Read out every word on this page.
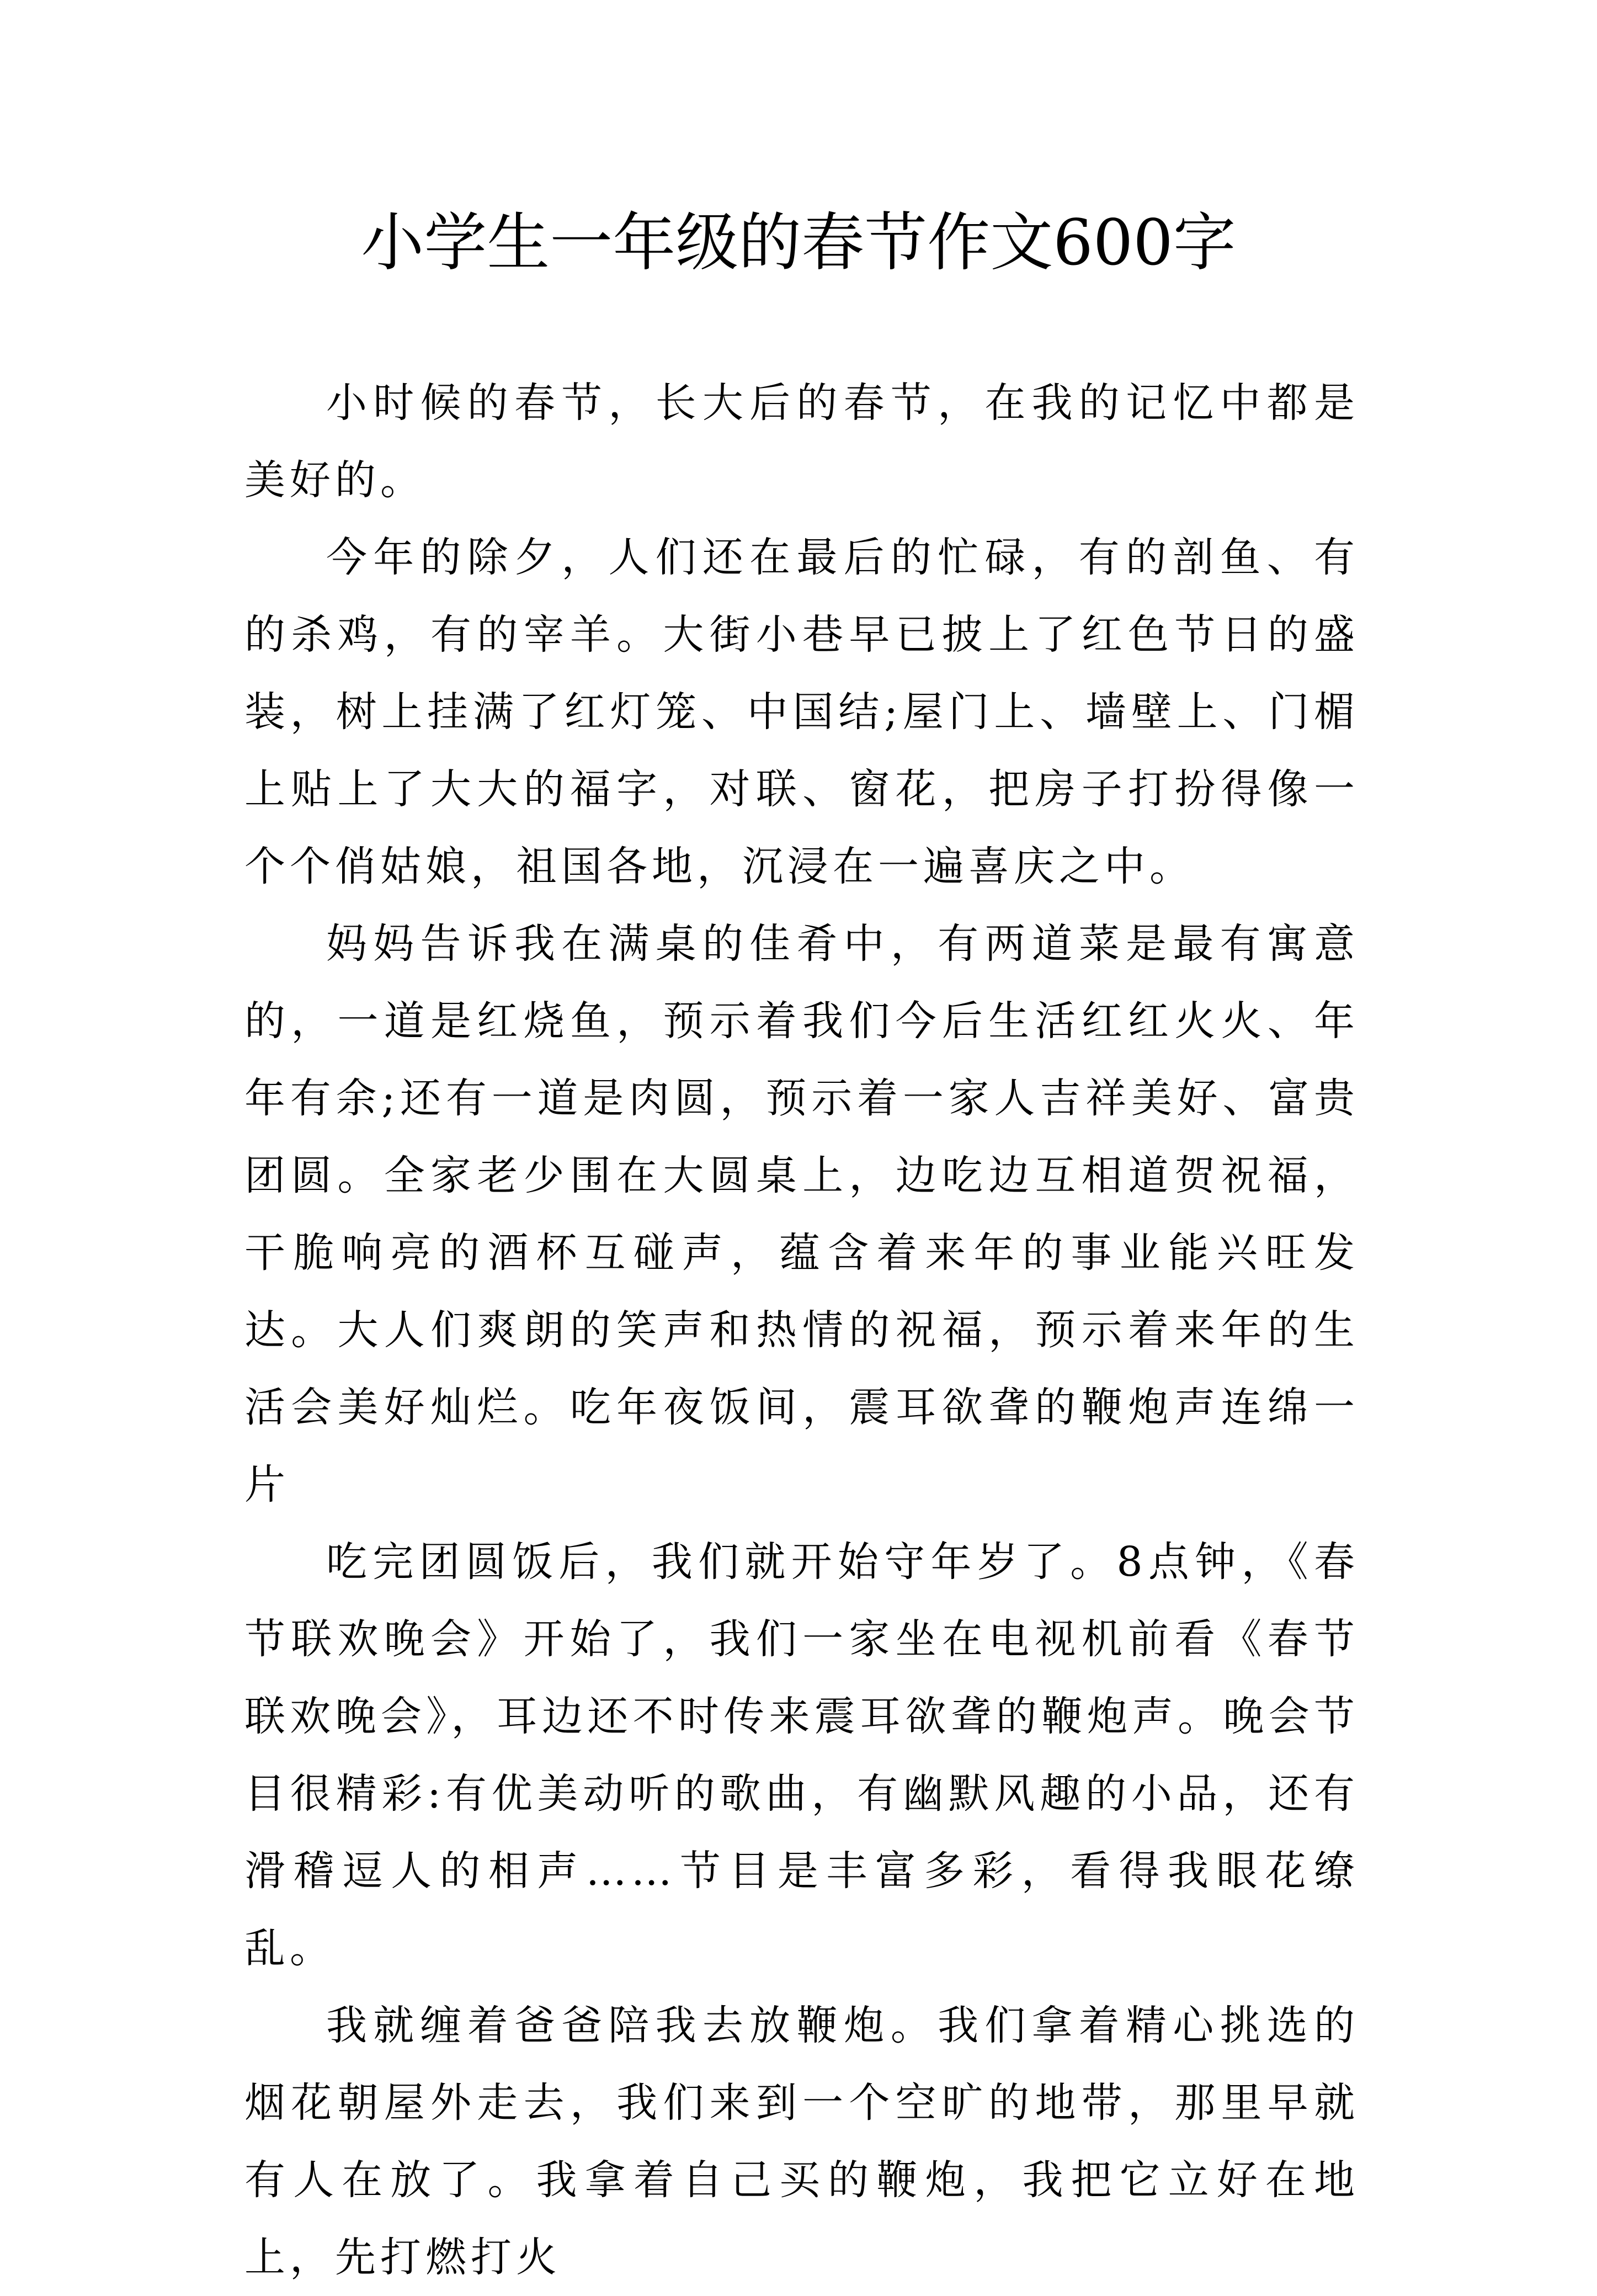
小学生一年级的春节作文600字

小时候的春节，长大后的春节，在我的记忆中都是美好的。

今年的除夕，人们还在最后的忙碌，有的剖鱼、有的杀鸡，有的宰羊。大街小巷早已披上了红色节日的盛装，树上挂满了红灯笼、中国结;屋门上、墙壁上、门楣上贴上了大大的福字，对联、窗花，把房子打扮得像一个个俏姑娘，祖国各地，沉浸在一遍喜庆之中。

妈妈告诉我在满桌的佳肴中，有两道菜是最有寓意的，一道是红烧鱼，预示着我们今后生活红红火火、年年有余;还有一道是肉圆，预示着一家人吉祥美好、富贵团圆。全家老少围在大圆桌上，边吃边互相道贺祝福，干脆响亮的酒杯互碰声，蕴含着来年的事业能兴旺发达。大人们爽朗的笑声和热情的祝福，预示着来年的生活会美好灿烂。吃年夜饭间，震耳欲聋的鞭炮声连绵一片

吃完团圆饭后，我们就开始守年岁了。8点钟，《春节联欢晚会》开始了，我们一家坐在电视机前看《春节联欢晚会》，耳边还不时传来震耳欲聋的鞭炮声。晚会节目很精彩:有优美动听的歌曲，有幽默风趣的小品，还有滑稽逗人的相声……节目是丰富多彩，看得我眼花缭乱。

我就缠着爸爸陪我去放鞭炮。我们拿着精心挑选的烟花朝屋外走去，我们来到一个空旷的地带，那里早就有人在放了。我拿着自己买的鞭炮，我把它立好在地上，先打燃打火
